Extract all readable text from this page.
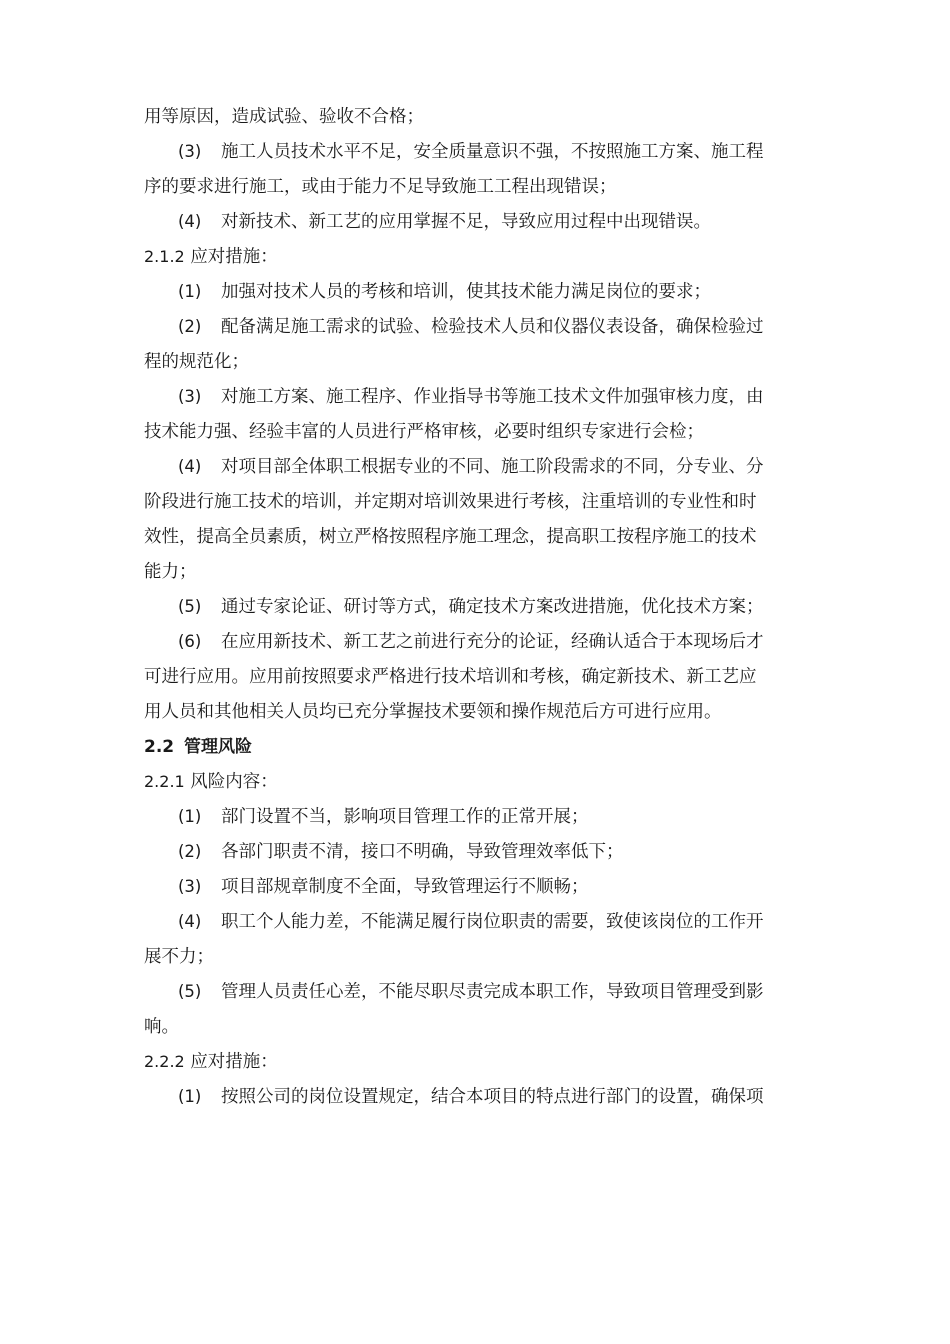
用等原因，造成试验、验收不合格；
(3) 施工人员技术水平不足，安全质量意识不强，不按照施工方案、施工程
序的要求进行施工，或由于能力不足导致施工工程出现错误；
(4) 对新技术、新工艺的应用掌握不足，导致应用过程中出现错误。
2.1.2 应对措施：
(1) 加强对技术人员的考核和培训，使其技术能力满足岗位的要求；
(2) 配备满足施工需求的试验、检验技术人员和仪器仪表设备，确保检验过
程的规范化；
(3) 对施工方案、施工程序、作业指导书等施工技术文件加强审核力度，由
技术能力强、经验丰富的人员进行严格审核，必要时组织专家进行会检；
(4) 对项目部全体职工根据专业的不同、施工阶段需求的不同，分专业、分
阶段进行施工技术的培训，并定期对培训效果进行考核，注重培训的专业性和时
效性，提高全员素质，树立严格按照程序施工理念，提高职工按程序施工的技术
能力；
(5) 通过专家论证、研讨等方式，确定技术方案改进措施，优化技术方案；
(6) 在应用新技术、新工艺之前进行充分的论证，经确认适合于本现场后才
可进行应用。应用前按照要求严格进行技术培训和考核，确定新技术、新工艺应
用人员和其他相关人员均已充分掌握技术要领和操作规范后方可进行应用。
2.2 管理风险
2.2.1 风险内容：
(1) 部门设置不当，影响项目管理工作的正常开展；
(2) 各部门职责不清，接口不明确，导致管理效率低下；
(3) 项目部规章制度不全面，导致管理运行不顺畅；
(4) 职工个人能力差，不能满足履行岗位职责的需要，致使该岗位的工作开
展不力；
(5) 管理人员责任心差，不能尽职尽责完成本职工作，导致项目管理受到影
响。
2.2.2 应对措施：
(1) 按照公司的岗位设置规定，结合本项目的特点进行部门的设置，确保项
